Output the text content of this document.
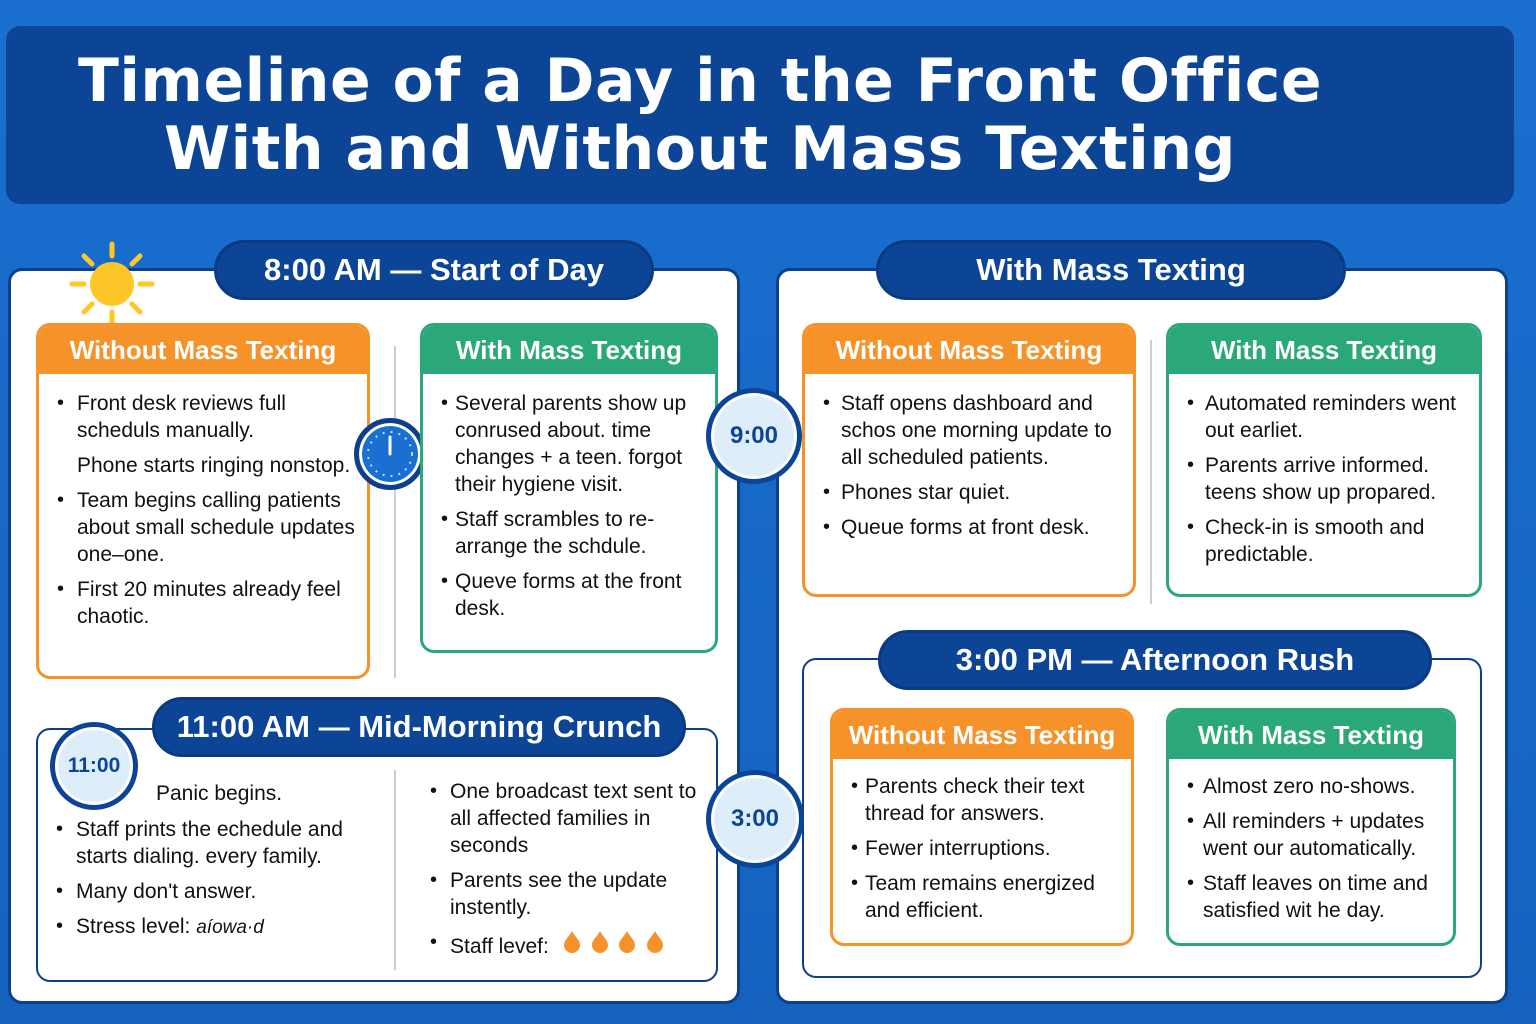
Timeline of a Day in the Front Office With and Without Mass Texting
8:00 AM — Start of Day
Without Mass Texting
• Front desk reviews full scheduls manually.
Phone starts ringing nonstop.
• Team begins calling patients about small schedule updates one–one.
• First 20 minutes already feel chaotic.
With Mass Texting
• Several parents show up conrused about. time changes + a teen. forgot their hygiene visit.
• Staff scrambles to re-arrange the schdule.
• Queve forms at the front desk.
11:00 AM — Mid-Morning Crunch
11:00
Panic begins.
• Staff prints the echedule and starts dialing. every family.
• Many don't answer.
• Stress level: aíowa·d
• One broadcast text sent to all affected families in seconds
• Parents see the update instently.
• Staff levef:
With Mass Texting
9:00
Without Mass Texting
• Staff opens dashboard and schos one morning update to all scheduled patients.
• Phones star quiet.
• Queue forms at front desk.
With Mass Texting
• Automated reminders went out earliet.
• Parents arrive informed. teens show up propared.
• Check-in is smooth and predictable.
3:00 PM — Afternoon Rush
3:00
Without Mass Texting
• Parents check their text thread for answers.
• Fewer interruptions.
• Team remains energized and efficient.
With Mass Texting
• Almost zero no-shows.
• All reminders + updates went our automatically.
• Staff leaves on time and satisfied wit he day.
